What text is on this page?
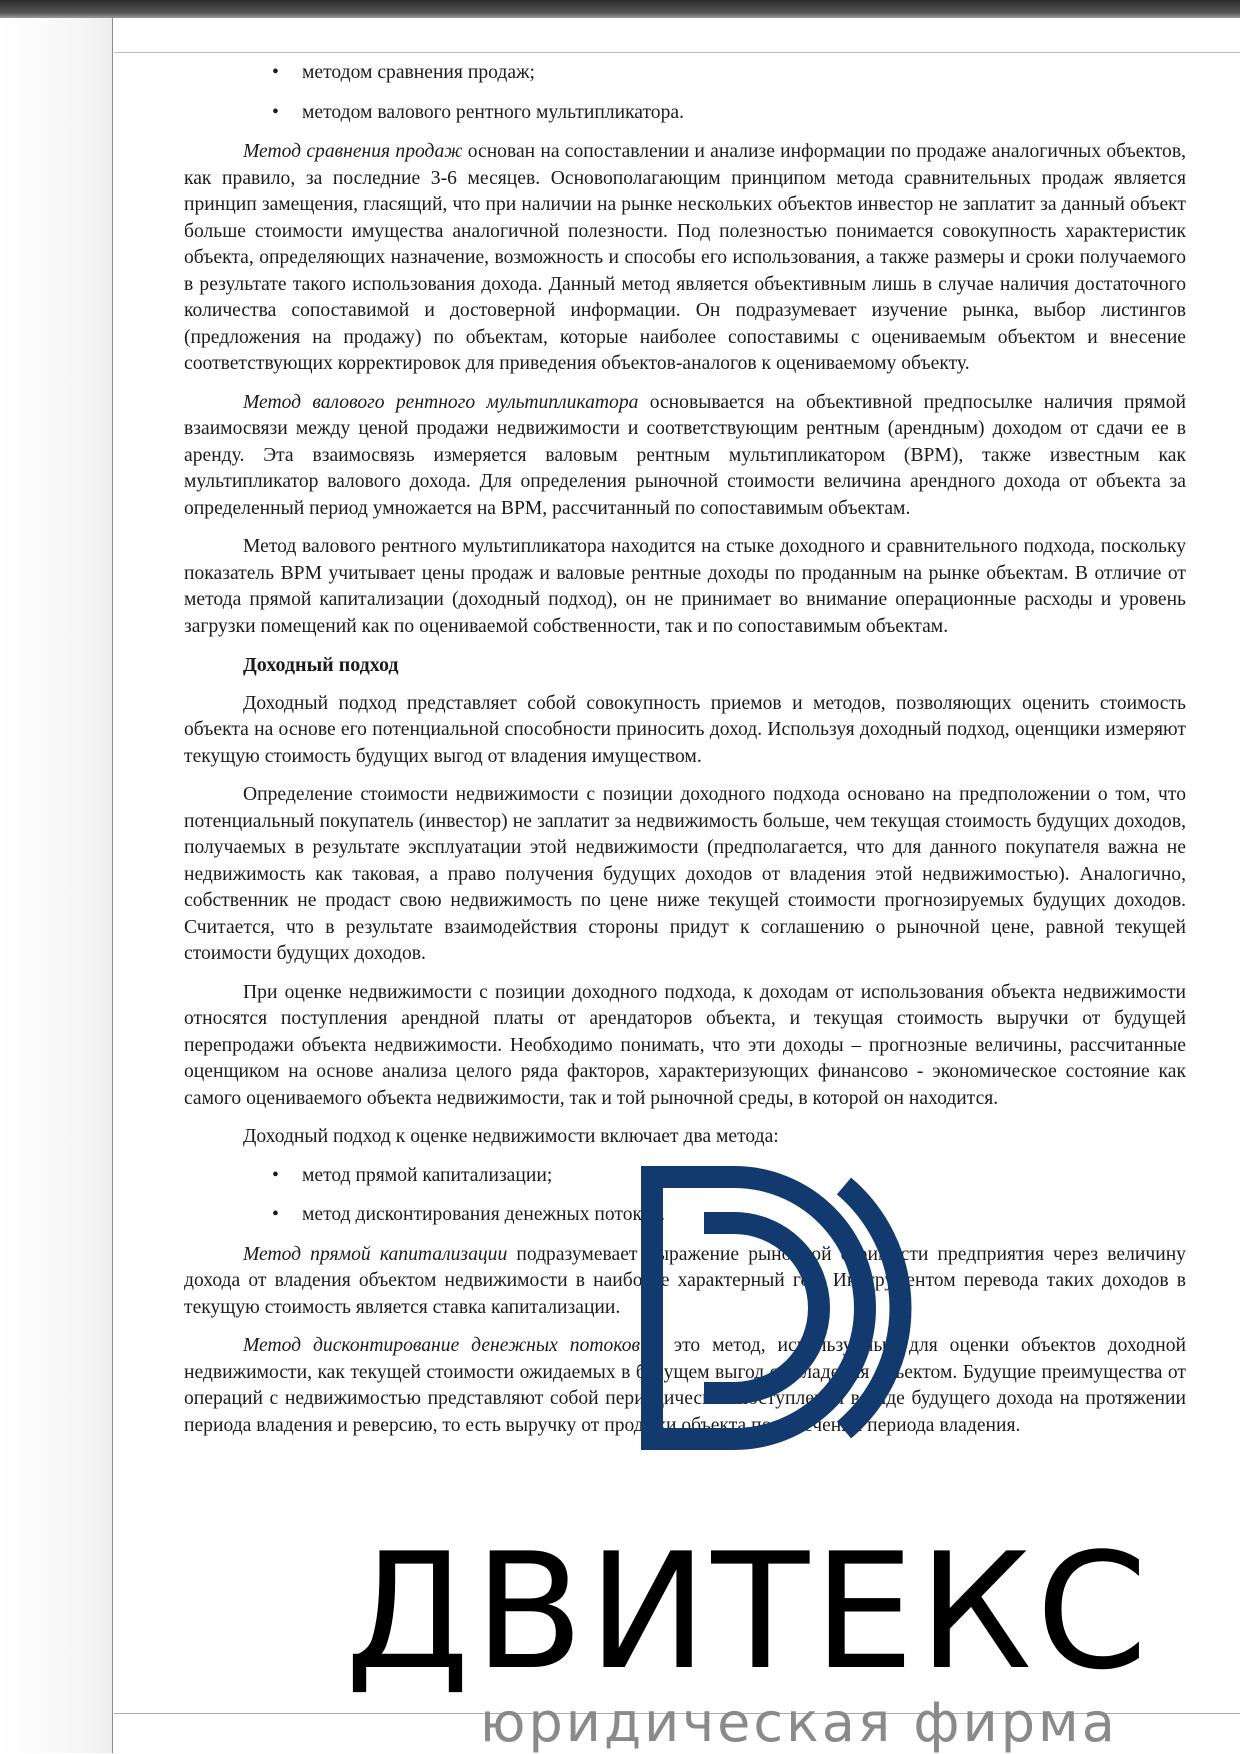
• методом сравнения продаж;
• методом валового рентного мультипликатора.

Метод сравнения продаж основан на сопоставлении и анализе информации по продаже аналогичных объектов, как правило, за последние 3-6 месяцев. Основополагающим принципом метода сравнительных продаж является принцип замещения, гласящий, что при наличии на рынке нескольких объектов инвестор не заплатит за данный объект больше стоимости имущества аналогичной полезности. Под полезностью понимается совокупность характеристик объекта, определяющих назначение, возможность и способы его использования, а также размеры и сроки получаемого в результате такого использования дохода. Данный метод является объективным лишь в случае наличия достаточного количества сопоставимой и достоверной информации. Он подразумевает изучение рынка, выбор листингов (предложения на продажу) по объектам, которые наиболее сопоставимы с оцениваемым объектом и внесение соответствующих корректировок для приведения объектов-аналогов к оцениваемому объекту.

Метод валового рентного мультипликатора основывается на объективной предпосылке наличия прямой взаимосвязи между ценой продажи недвижимости и соответствующим рентным (арендным) доходом от сдачи ее в аренду. Эта взаимосвязь измеряется валовым рентным мультипликатором (ВРМ), также известным как мультипликатор валового дохода. Для определения рыночной стоимости величина арендного дохода от объекта за определенный период умножается на ВРМ, рассчитанный по сопоставимым объектам.

Метод валового рентного мультипликатора находится на стыке доходного и сравнительного подхода, поскольку показатель ВРМ учитывает цены продаж и валовые рентные доходы по проданным на рынке объектам. В отличие от метода прямой капитализации (доходный подход), он не принимает во внимание операционные расходы и уровень загрузки помещений как по оцениваемой собственности, так и по сопоставимым объектам.

Доходный подход

Доходный подход представляет собой совокупность приемов и методов, позволяющих оценить стоимость объекта на основе его потенциальной способности приносить доход. Используя доходный подход, оценщики измеряют текущую стоимость будущих выгод от владения имуществом.

Определение стоимости недвижимости с позиции доходного подхода основано на предположении о том, что потенциальный покупатель (инвестор) не заплатит за недвижимость больше, чем текущая стоимость будущих доходов, получаемых в результате эксплуатации этой недвижимости (предполагается, что для данного покупателя важна не недвижимость как таковая, а право получения будущих доходов от владения этой недвижимостью). Аналогично, собственник не продаст свою недвижимость по цене ниже текущей стоимости прогнозируемых будущих доходов. Считается, что в результате взаимодействия стороны придут к соглашению о рыночной цене, равной текущей стоимости будущих доходов.

При оценке недвижимости с позиции доходного подхода, к доходам от использования объекта недвижимости относятся поступления арендной платы от арендаторов объекта, и текущая стоимость выручки от будущей перепродажи объекта недвижимости. Необходимо понимать, что эти доходы – прогнозные величины, рассчитанные оценщиком на основе анализа целого ряда факторов, характеризующих финансово - экономическое состояние как самого оцениваемого объекта недвижимости, так и той рыночной среды, в которой он находится.

Доходный подход к оценке недвижимости включает два метода:

• метод прямой капитализации;
• метод дисконтирования денежных потоков.

Метод прямой капитализации подразумевает выражение рыночной стоимости предприятия через величину дохода от владения объектом недвижимости в наиболее характерный год. Инструментом перевода таких доходов в текущую стоимость является ставка капитализации.

Метод дисконтирование денежных потоков – это метод, используемый для оценки объектов доходной недвижимости, как текущей стоимости ожидаемых в будущем выгод от владения объектом. Будущие преимущества от операций с недвижимостью представляют собой периодические поступления в виде будущего дохода на протяжении периода владения и реверсию, то есть выручку от продажи объекта по истечении периода владения.

ДВИТЕКС
юридическая фирма
